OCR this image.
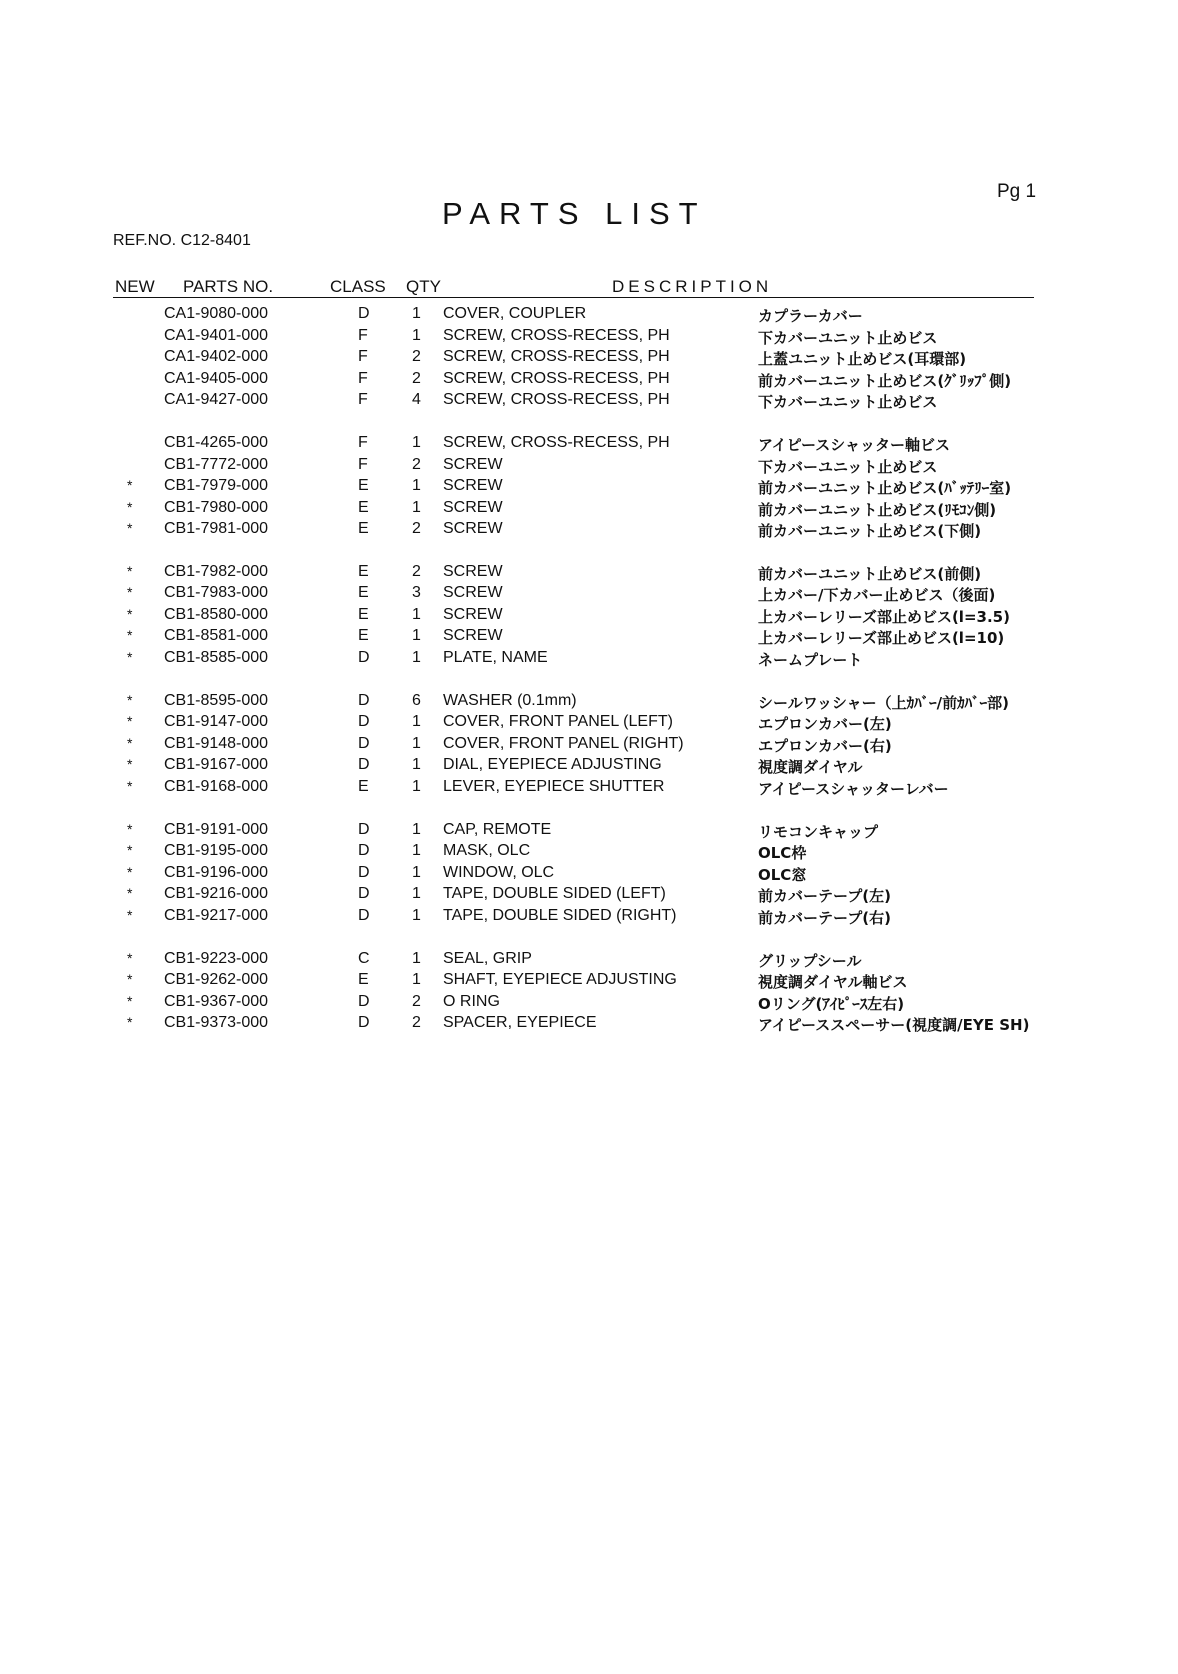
Pg 1
PARTS LIST
REF.NO. C12-8401
NEW PARTS NO.	CLASS QTY	DESCRIPTION
CA1-9080-000	D	1 COVER, COUPLER	カプラーカバー
CA1-9401-000	F	1 SCREW, CROSS-RECESS, PH	下カバーユニット止めビス
CA1-9402-000	F	2 SCREW, CROSS-RECESS, PH	上蓋ユニット止めビス(耳環部)
CA1-9405-000	F	2 SCREW, CROSS-RECESS, PH	前カバーユニット止めビス(ｸﾞﾘｯﾌﾟ側)
CA1-9427-000	F	4 SCREW, CROSS-RECESS, PH	下カバーユニット止めビス
CB1-4265-000	F	1 SCREW, CROSS-RECESS, PH	アイピースシャッター軸ビス
CB1-7772-000	F	2 SCREW	下カバーユニット止めビス
* CB1-7979-000	E	1 SCREW	前カバーユニット止めビス(ﾊﾞｯﾃﾘｰ室)
* CB1-7980-000	E	1 SCREW	前カバーユニット止めビス(ﾘﾓｺﾝ側)
* CB1-7981-000	E	2 SCREW	前カバーユニット止めビス(下側)
* CB1-7982-000	E	2 SCREW	前カバーユニット止めビス(前側)
* CB1-7983-000	E	3 SCREW	上カバー/下カバー止めビス（後面)
* CB1-8580-000	E	1 SCREW	上カバーレリーズ部止めビス(l=3.5)
* CB1-8581-000	E	1 SCREW	上カバーレリーズ部止めビス(l=10)
* CB1-8585-000	D	1 PLATE, NAME	ネームプレート
* CB1-8595-000	D	6 WASHER (0.1mm)	シールワッシャー（上ｶﾊﾞｰ/前ｶﾊﾞｰ部)
* CB1-9147-000	D	1 COVER, FRONT PANEL (LEFT)	エプロンカバー(左)
* CB1-9148-000	D	1 COVER, FRONT PANEL (RIGHT)	エプロンカバー(右)
* CB1-9167-000	D	1 DIAL, EYEPIECE ADJUSTING	視度調ダイヤル
* CB1-9168-000	E	1 LEVER, EYEPIECE SHUTTER	アイピースシャッターレバー
* CB1-9191-000	D	1 CAP, REMOTE	リモコンキャップ
* CB1-9195-000	D	1 MASK, OLC	OLC枠
* CB1-9196-000	D	1 WINDOW, OLC	OLC窓
* CB1-9216-000	D	1 TAPE, DOUBLE SIDED (LEFT)	前カバーテープ(左)
* CB1-9217-000	D	1 TAPE, DOUBLE SIDED (RIGHT)	前カバーテープ(右)
* CB1-9223-000	C	1 SEAL, GRIP	グリップシール
* CB1-9262-000	E	1 SHAFT, EYEPIECE ADJUSTING	視度調ダイヤル軸ビス
* CB1-9367-000	D	2 O RING	Oリング(ｱｲﾋﾟｰｽ左右)
* CB1-9373-000	D	2 SPACER, EYEPIECE	アイピーススペーサー(視度調/EYE SH)
